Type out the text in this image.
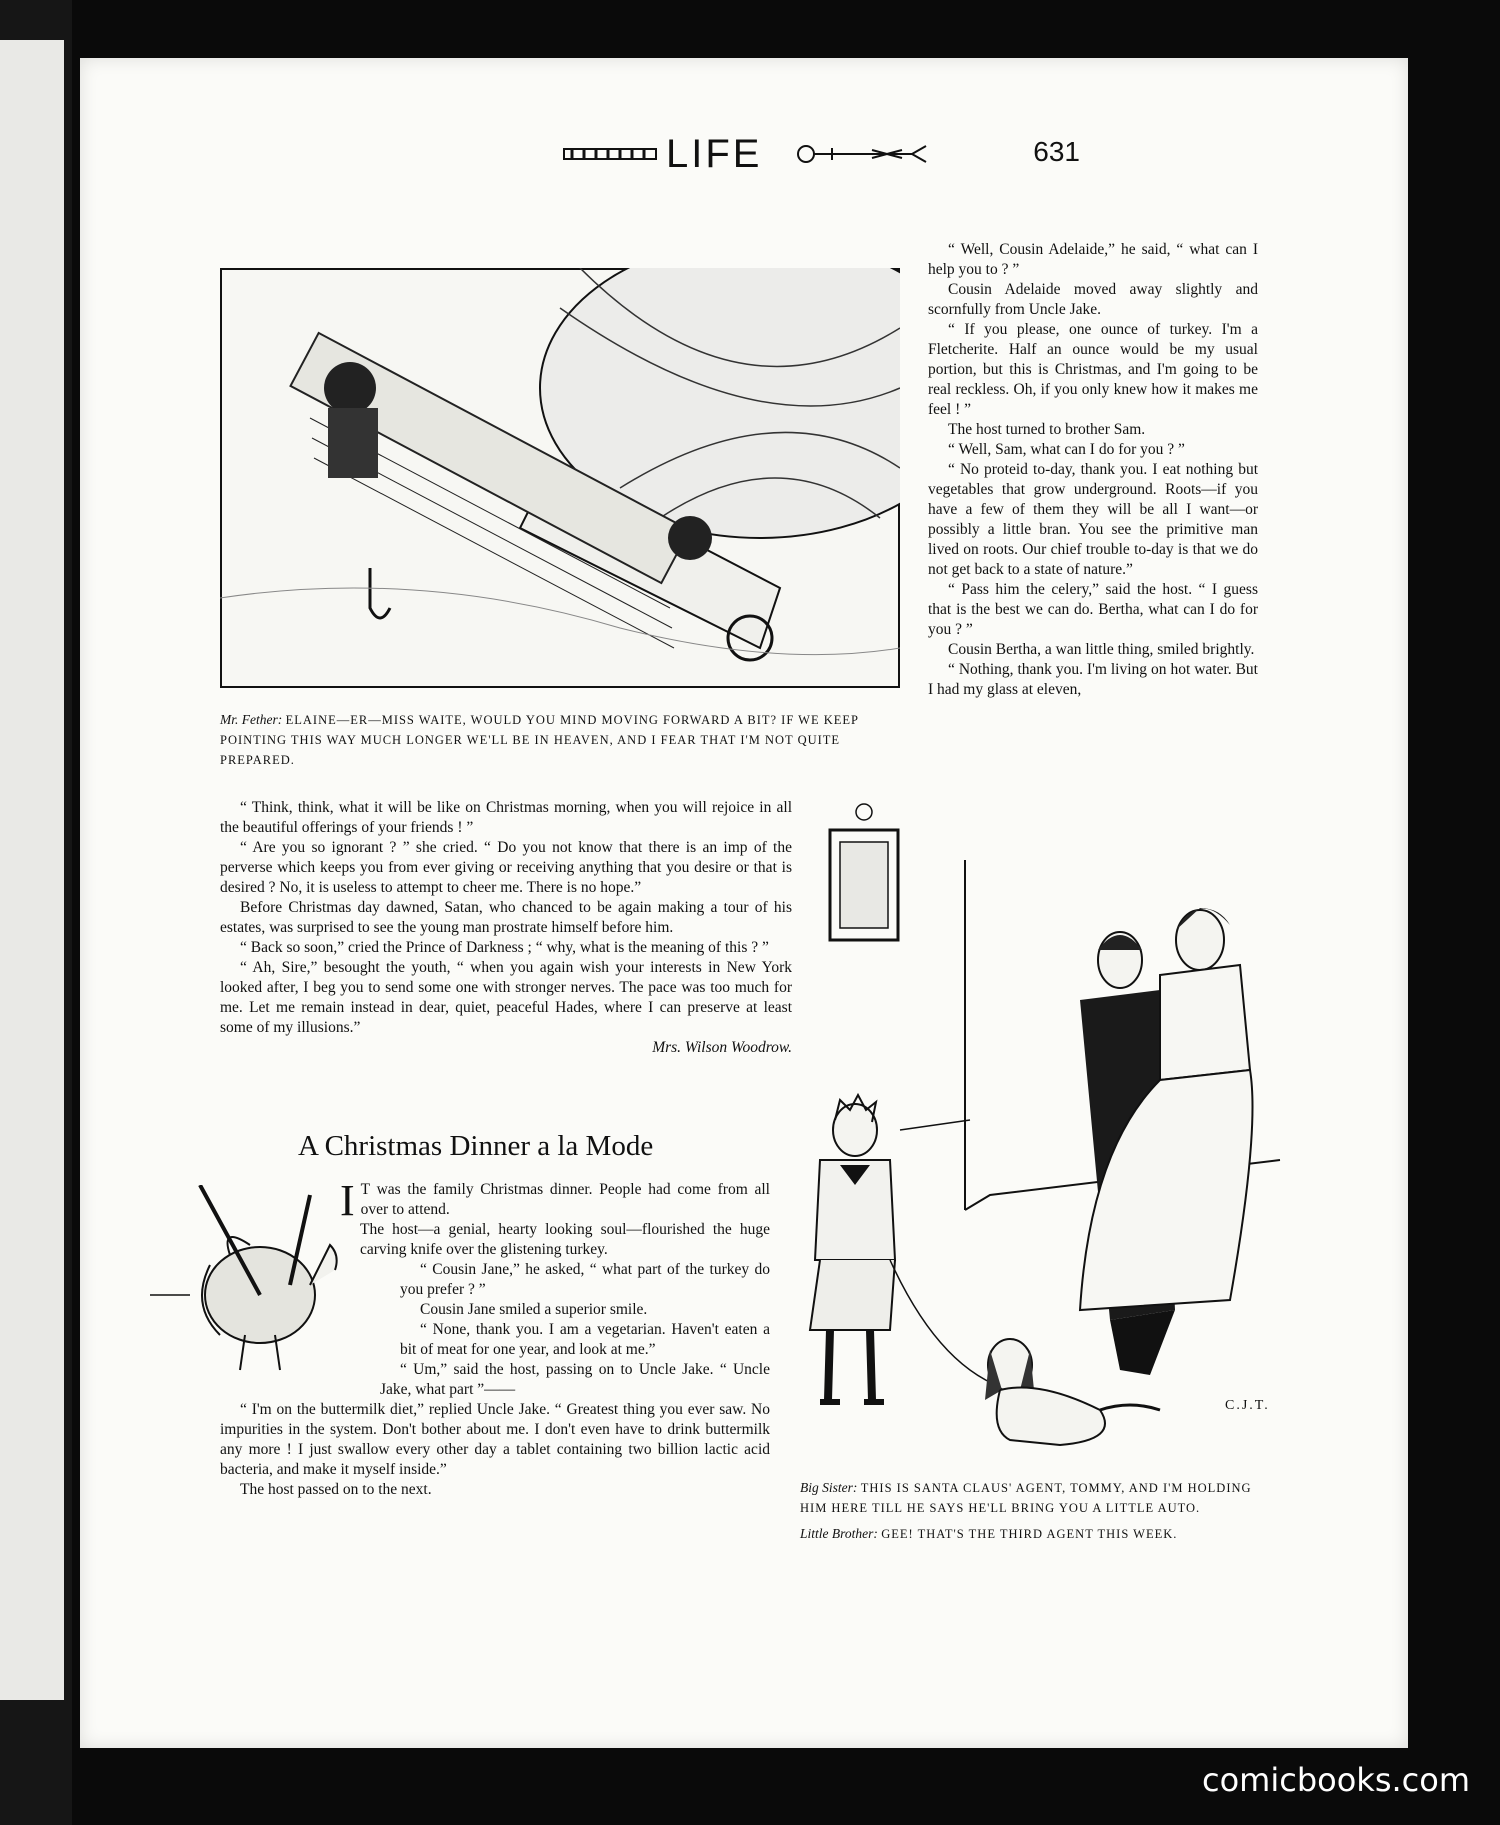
LIFE	631
Mr. Fether: ELAINE—ER—MISS WAITE, WOULD YOU MIND MOVING FORWARD A BIT? IF WE KEEP POINTING THIS WAY MUCH LONGER WE'LL BE IN HEAVEN, AND I FEAR THAT I'M NOT QUITE PREPARED.

“ Think, think, what it will be like on Christmas morning, when you will rejoice in all the beautiful offerings of your friends ! ”

“ Are you so ignorant ? ” she cried. “ Do you not know that there is an imp of the perverse which keeps you from ever giving or receiving anything that you desire or that is desired ? No, it is useless to attempt to cheer me. There is no hope.”

Before Christmas day dawned, Satan, who chanced to be again making a tour of his estates, was surprised to see the young man prostrate himself before him.

“ Back so soon,” cried the Prince of Darkness ; “ why, what is the meaning of this ? ”

“ Ah, Sire,” besought the youth, “ when you again wish your interests in New York looked after, I beg you to send some one with stronger nerves. The pace was too much for me. Let me remain instead in dear, quiet, peaceful Hades, where I can preserve at least some of my illusions.”

Mrs. Wilson Woodrow.
A Christmas Dinner a la Mode
I T was the family Christmas dinner. People had come from all over to attend.

The host—a genial, hearty looking soul—flourished the huge carving knife over the glistening turkey.

“ Cousin Jane,” he asked, “ what part of the turkey do you prefer ? ”

Cousin Jane smiled a superior smile.

“ None, thank you. I am a vegetarian. Haven't eaten a bit of meat for one year, and look at me.”

“ Um,” said the host, passing on to Uncle Jake. “ Uncle Jake, what part ”——

“ I'm on the buttermilk diet,” replied Uncle Jake. “ Greatest thing you ever saw. No impurities in the system. Don't bother about me. I don't even have to drink buttermilk any more ! I just swallow every other day a tablet containing two billion lactic acid bacteria, and make it myself inside.”

The host passed on to the next.

“ Well, Cousin Adelaide,” he said, “ what can I help you to ? ”

Cousin Adelaide moved away slightly and scornfully from Uncle Jake.

“ If you please, one ounce of turkey. I'm a Fletcherite. Half an ounce would be my usual portion, but this is Christmas, and I'm going to be real reckless. Oh, if you only knew how it makes me feel ! ”

The host turned to brother Sam.

“ Well, Sam, what can I do for you ? ”

“ No proteid to-day, thank you. I eat nothing but vegetables that grow underground. Roots—if you have a few of them they will be all I want—or possibly a little bran. You see the primitive man lived on roots. Our chief trouble to-day is that we do not get back to a state of nature.”

“ Pass him the celery,” said the host. “ I guess that is the best we can do. Bertha, what can I do for you ? ”

Cousin Bertha, a wan little thing, smiled brightly.

“ Nothing, thank you. I'm living on hot water. But I had my glass at eleven,

C.J.T.
Big Sister: THIS IS SANTA CLAUS' AGENT, TOMMY, AND I'M HOLDING HIM HERE TILL HE SAYS HE'LL BRING YOU A LITTLE AUTO.
Little Brother: GEE! THAT'S THE THIRD AGENT THIS WEEK.
comicbooks.com
